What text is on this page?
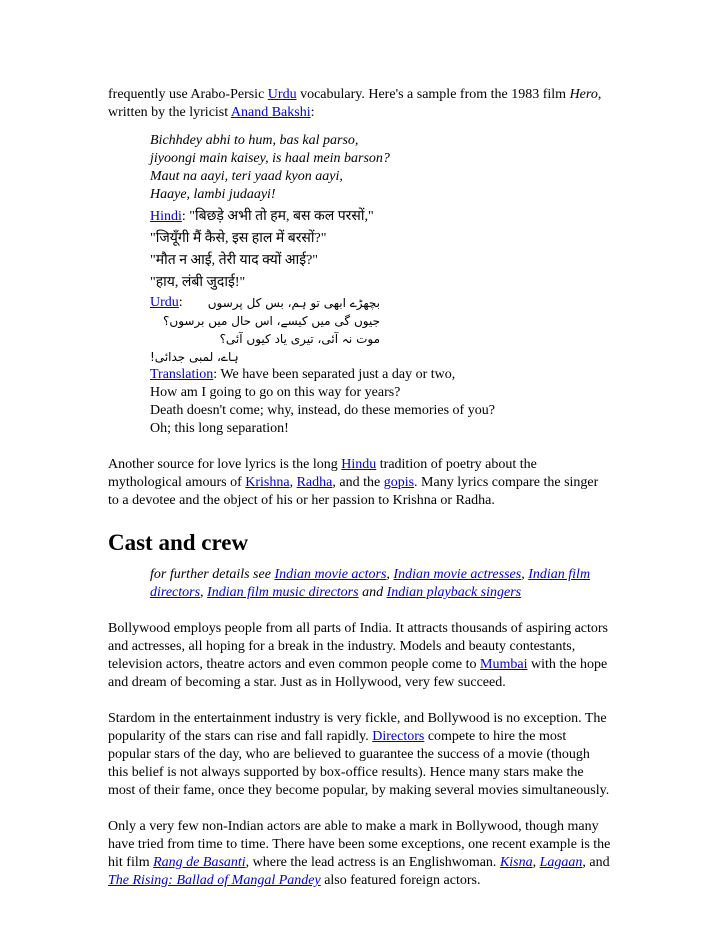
frequently use Arabo-Persic Urdu vocabulary. Here's a sample from the 1983 film Hero,
written by the lyricist Anand Bakshi:

Bichhdey abhi to hum, bas kal parso,
jiyoongi main kaisey, is haal mein barson?
Maut na aayi, teri yaad kyon aayi,
Haaye, lambi judaayi!

Hindi: "बिछड़े अभी तो हम, बस कल परसों,"
"जियूँगी मैं कैसे, इस हाल में बरसों?"
"मौत न आई, तेरी याद क्यों आई?"
"हाय, लंबी जुदाई!"

Urdu: بچھڑے ابھی تو ہم، بس کل پرسوں
جیوں گی میں کیسے، اس حال میں برسوں؟
موت نہ آئی، تیری یاد کیوں آئی؟
ہاے، لمبی جدائی!

Translation: We have been separated just a day or two,
How am I going to go on this way for years?
Death doesn't come; why, instead, do these memories of you?
Oh; this long separation!

Another source for love lyrics is the long Hindu tradition of poetry about the
mythological amours of Krishna, Radha, and the gopis. Many lyrics compare the singer
to a devotee and the object of his or her passion to Krishna or Radha.

Cast and crew

for further details see Indian movie actors, Indian movie actresses, Indian film
directors, Indian film music directors and Indian playback singers

Bollywood employs people from all parts of India. It attracts thousands of aspiring actors
and actresses, all hoping for a break in the industry. Models and beauty contestants,
television actors, theatre actors and even common people come to Mumbai with the hope
and dream of becoming a star. Just as in Hollywood, very few succeed.

Stardom in the entertainment industry is very fickle, and Bollywood is no exception. The
popularity of the stars can rise and fall rapidly. Directors compete to hire the most
popular stars of the day, who are believed to guarantee the success of a movie (though
this belief is not always supported by box-office results). Hence many stars make the
most of their fame, once they become popular, by making several movies simultaneously.

Only a very few non-Indian actors are able to make a mark in Bollywood, though many
have tried from time to time. There have been some exceptions, one recent example is the
hit film Rang de Basanti, where the lead actress is an Englishwoman. Kisna, Lagaan, and
The Rising: Ballad of Mangal Pandey also featured foreign actors.
